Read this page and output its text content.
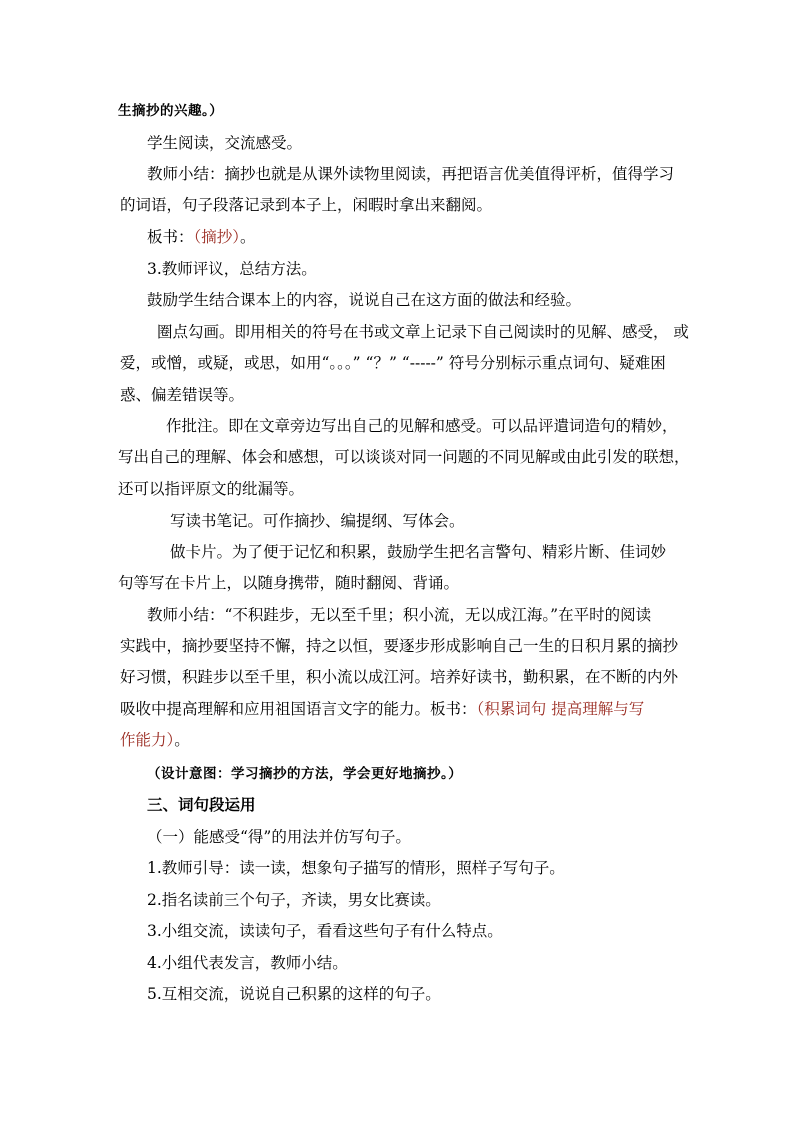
生摘抄的兴趣。）
学生阅读，交流感受。
教师小结：摘抄也就是从课外读物里阅读，再把语言优美值得评析，值得学习
的词语，句子段落记录到本子上，闲暇时拿出来翻阅。
板书：（摘抄）。
3.教师评议，总结方法。
鼓励学生结合课本上的内容，说说自己在这方面的做法和经验。
圈点勾画。即用相关的符号在书或文章上记录下自己阅读时的见解、感受， 或
爱，或憎，或疑，或思，如用“。。。” “？” “-----” 符号分别标示重点词句、疑难困
惑、偏差错误等。
作批注。即在文章旁边写出自己的见解和感受。可以品评遣词造句的精妙，
写出自己的理解、体会和感想，可以谈谈对同一问题的不同见解或由此引发的联想，
还可以指评原文的纰漏等。
写读书笔记。可作摘抄、编提纲、写体会。
做卡片。为了便于记忆和积累，鼓励学生把名言警句、精彩片断、佳词妙
句等写在卡片上，以随身携带，随时翻阅、背诵。
教师小结：“不积跬步，无以至千里；积小流，无以成江海。”在平时的阅读
实践中，摘抄要坚持不懈，持之以恒，要逐步形成影响自己一生的日积月累的摘抄
好习惯，积跬步以至千里，积小流以成江河。培养好读书，勤积累，在不断的内外
吸收中提高理解和应用祖国语言文字的能力。板书：（积累词句 提高理解与写
作能力）。
（设计意图：学习摘抄的方法，学会更好地摘抄。）
三、词句段运用
（一）能感受“得”的用法并仿写句子。
1.教师引导：读一读，想象句子描写的情形，照样子写句子。
2.指名读前三个句子，齐读，男女比赛读。
3.小组交流，读读句子，看看这些句子有什么特点。
4.小组代表发言，教师小结。
5.互相交流，说说自己积累的这样的句子。
